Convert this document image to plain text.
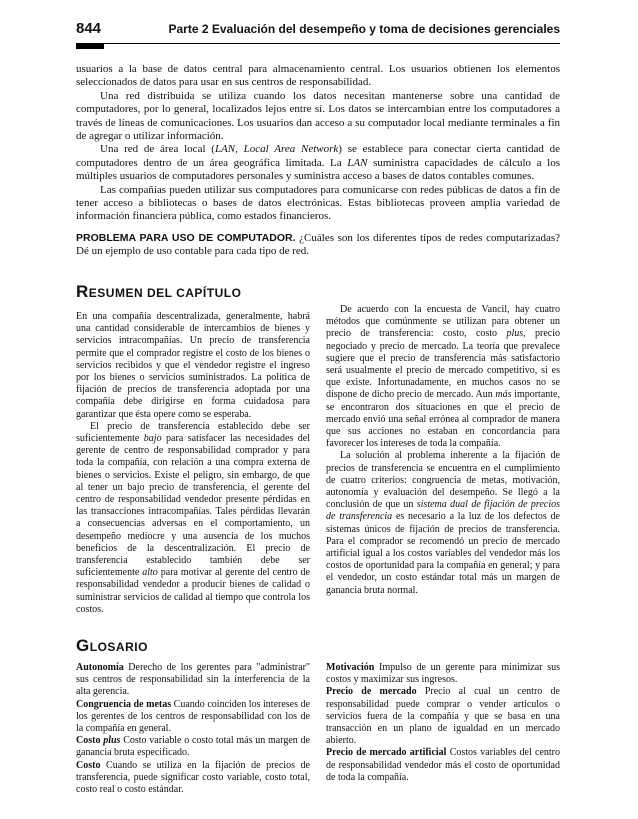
844	Parte 2 Evaluación del desempeño y toma de decisiones gerenciales

usuarios a la base de datos central para almacenamiento central. Los usuarios obtienen los elementos seleccionados de datos para usar en sus centros de responsabilidad.

Una red distribuida se utiliza cuando los datos necesitan mantenerse sobre una cantidad de computadores, por lo general, localizados lejos entre sí. Los datos se intercambian entre los computadores a través de líneas de comunicaciones. Los usuarios dan acceso a su computador local mediante terminales a fin de agregar o utilizar información.

Una red de área local (LAN, Local Area Network) se establece para conectar cierta cantidad de computadores dentro de un área geográfica limitada. La LAN suministra capacidades de cálculo a los múltiples usuarios de computadores personales y suministra acceso a bases de datos contables comunes.

Las compañías pueden utilizar sus computadores para comunicarse con redes públicas de datos a fin de tener acceso a bibliotecas o bases de datos electrónicas. Estas bibliotecas proveen amplia variedad de información financiera pública, como estados financieros.

PROBLEMA PARA USO DE COMPUTADOR. ¿Cuáles son los diferentes tipos de redes computarizadas? Dé un ejemplo de uso contable para cada tipo de red.

RESUMEN DEL CAPÍTULO

En una compañía descentralizada, generalmente, habrá una cantidad considerable de intercambios de bienes y servicios intracompañías. Un precio de transferencia permite que el comprador registre el costo de los bienes o servicios recibidos y que el vendedor registre el ingreso por los bienes o servicios suministrados. La política de fijación de precios de transferencia adoptada por una compañía debe dirigirse en forma cuidadosa para garantizar que ésta opere como se esperaba.

El precio de transferencia establecido debe ser suficientemente bajo para satisfacer las necesidades del gerente de centro de responsabilidad comprador y para toda la compañía, con relación a una compra externa de bienes o servicios. Existe el peligro, sin embargo, de que al tener un bajo precio de transferencia, el gerente del centro de responsabilidad vendedor presente pérdidas en las transacciones intracompañías. Tales pérdidas llevarán a consecuencias adversas en el comportamiento, un desempeño mediocre y una ausencia de los muchos beneficios de la descentralización. El precio de transferencia establecido también debe ser suficientemente alto para motivar al gerente del centro de responsabilidad vendedor a producir bienes de calidad o suministrar servicios de calidad al tiempo que controla los costos.

De acuerdo con la encuesta de Vancil, hay cuatro métodos que comúnmente se utilizan para obtener un precio de transferencia: costo, costo plus, precio negociado y precio de mercado. La teoría que prevalece sugiere que el precio de transferencia más satisfactorio será usualmente el precio de mercado competitivo, si es que existe. Infortunadamente, en muchos casos no se dispone de dicho precio de mercado. Aun más importante, se encontraron dos situaciones en que el precio de mercado envió una señal errónea al comprador de manera que sus acciones no estaban en concordancia para favorecer los intereses de toda la compañía.

La solución al problema inherente a la fijación de precios de transferencia se encuentra en el cumplimiento de cuatro criterios: congruencia de metas, motivación, autonomía y evaluación del desempeño. Se llegó a la conclusión de que un sistema dual de fijación de precios de transferencia es necesario a la luz de los defectos de sistemas únicos de fijación de precios de transferencia. Para el comprador se recomendó un precio de mercado artificial igual a los costos variables del vendedor más los costos de oportunidad para la compañía en general; y para el vendedor, un costo estándar total más un margen de ganancia bruta normal.

GLOSARIO

Autonomía Derecho de los gerentes para "administrar" sus centros de responsabilidad sin la interferencia de la alta gerencia.

Congruencia de metas Cuando coinciden los intereses de los gerentes de los centros de responsabilidad con los de la compañía en general.

Costo plus Costo variable o costo total más un margen de ganancia bruta especificado.

Costo Cuando se utiliza en la fijación de precios de transferencia, puede significar costo variable, costo total, costo real o costo estándar.

Motivación Impulso de un gerente para minimizar sus costos y maximizar sus ingresos.

Precio de mercado Precio al cual un centro de responsabilidad puede comprar o vender artículos o servicios fuera de la compañía y que se basa en una transacción en un plano de igualdad en un mercado abierto.

Precio de mercado artificial Costos variables del centro de responsabilidad vendedor más el costo de oportunidad de toda la compañía.
